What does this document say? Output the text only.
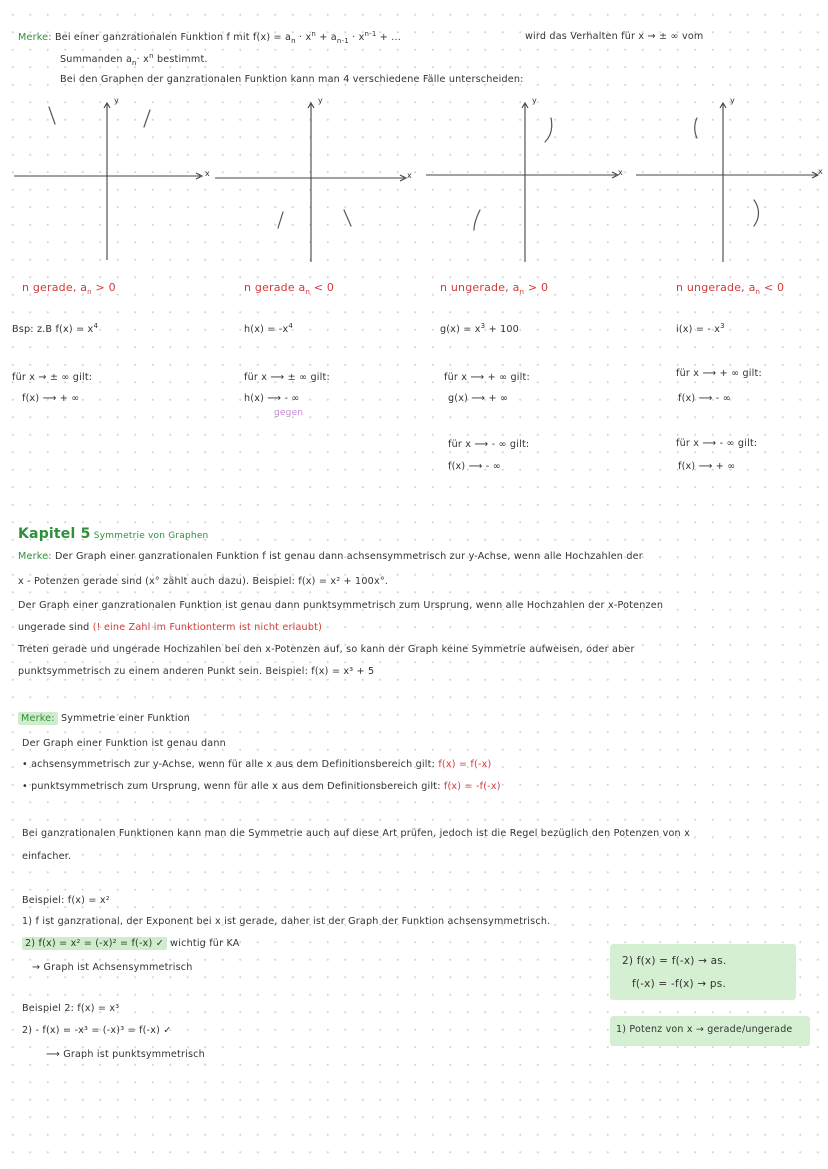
Merke: Bei einer ganzrationalen Funktion f mit $f(x) = a_n \cdot x^n + a_{n-1} \cdot x^{n-1}$ + ...	wird das Verhalten für x → ± ∞ vom
Summanden $a_n\cdot x^n$ bestimmt.
Bei den Graphen der ganzrationalen Funktion kann man 4 verschiedene Fälle unterscheiden:
x
y
x
y
x
y
x
y
n gerade, $a_n > 0$
Bsp: z.B $f(x) = x^4$
für x → ± ∞ gilt:
f(x) ⟶ + ∞
n gerade $a_n < 0$
$h(x) = -x^4$
für x ⟶ ± ∞ gilt:
h(x) ⟶ - ∞
gegen
n ungerade, $a_n > 0$
$g(x) = x^3 + 100$
für x ⟶ + ∞ gilt:
g(x) ⟶ + ∞
für x ⟶ - ∞ gilt:
f(x) ⟶ - ∞
n ungerade, $a_n < 0$
i(x) = - $x^3$
für x ⟶ + ∞ gilt:
f(x) ⟶ - ∞
für x ⟶ - ∞ gilt:
f(x) ⟶ + ∞
Kapitel 5 Symmetrie von Graphen
Merke: Der Graph einer ganzrationalen Funktion f ist genau dann achsensymmetrisch zur y-Achse, wenn alle Hochzahlen der
x - Potenzen gerade sind (x° zählt auch dazu). Beispiel: f(x) = x² + 100x°.
Der Graph einer ganzrationalen Funktion ist genau dann punktsymmetrisch zum Ursprung, wenn alle Hochzahlen der x-Potenzen
ungerade sind (! eine Zahl im Funktionterm ist nicht erlaubt)
Treten gerade und ungerade Hochzahlen bei den x-Potenzen auf, so kann der Graph keine Symmetrie aufweisen, oder aber
punktsymmetrisch zu einem anderen Punkt sein. Beispiel: f(x) = x³ + 5
Merke: Symmetrie einer Funktion
Der Graph einer Funktion ist genau dann
• achsensymmetrisch zur y-Achse, wenn für alle x aus dem Definitionsbereich gilt: f(x) = f(-x)
• punktsymmetrisch zum Ursprung, wenn für alle x aus dem Definitionsbereich gilt: f(x) = -f(-x)
Bei ganzrationalen Funktionen kann man die Symmetrie auch auf diese Art prüfen, jedoch ist die Regel bezüglich den Potenzen von x
einfacher.
Beispiel: f(x) = x²
1) f ist ganzrational, der Exponent bei x ist gerade, daher ist der Graph der Funktion achsensymmetrisch.
2) f(x) = x² = (-x)² = f(-x) ✓ wichtig für KA
→ Graph ist Achsensymmetrisch
Beispiel 2: f(x) = x³
2) - f(x) = -x³ = (-x)³ = f(-x) ✓
⟶ Graph ist punktsymmetrisch
2) f(x) = f(-x) → as.
f(-x) = -f(x) → ps.
1) Potenz von x → gerade/ungerade
